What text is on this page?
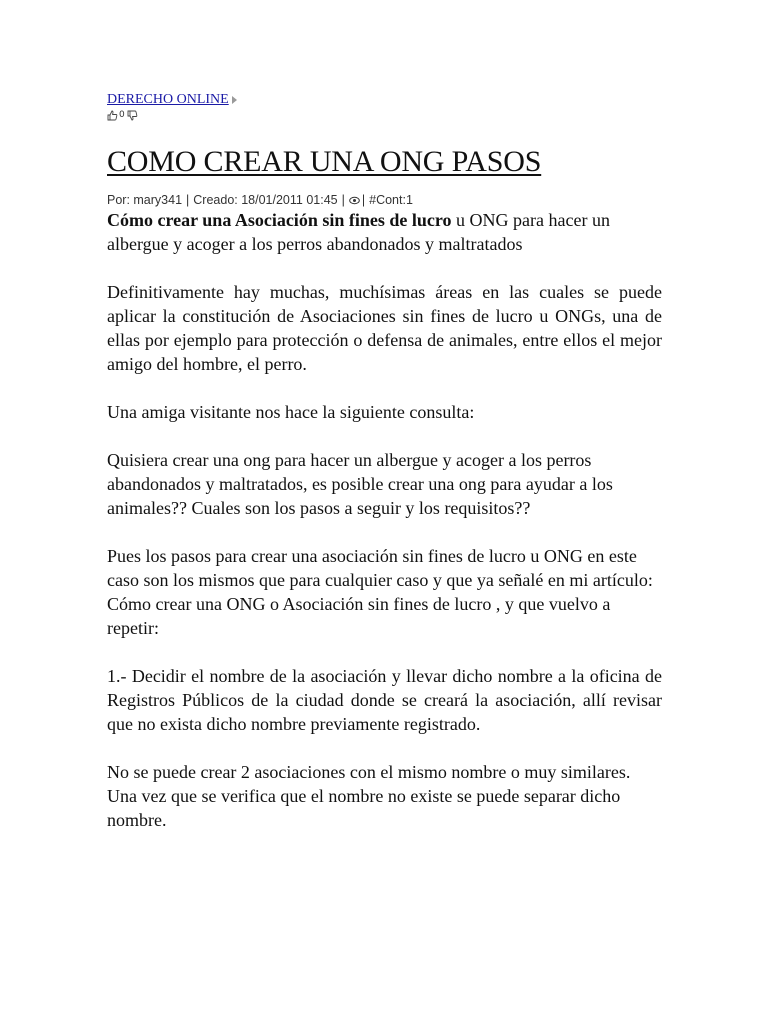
DERECHO ONLINE
0
COMO CREAR UNA ONG PASOS
Por: mary341 | Creado: 18/01/2011 01:45 | | #Cont:1

Cómo crear una Asociación sin fines de lucro u ONG para hacer un albergue y acoger a los perros abandonados y maltratados

Definitivamente hay muchas, muchísimas áreas en las cuales se puede aplicar la constitución de Asociaciones sin fines de lucro u ONGs, una de ellas por ejemplo para protección o defensa de animales, entre ellos el mejor amigo del hombre, el perro.

Una amiga visitante nos hace la siguiente consulta:

Quisiera crear una ong para hacer un albergue y acoger a los perros abandonados y maltratados, es posible crear una ong para ayudar a los animales?? Cuales son los pasos a seguir y los requisitos??

Pues los pasos para crear una asociación sin fines de lucro u ONG en este caso son los mismos que para cualquier caso y que ya señalé en mi artículo: Cómo crear una ONG o Asociación sin fines de lucro , y que vuelvo a repetir:

1.- Decidir el nombre de la asociación y llevar dicho nombre a la oficina de Registros Públicos de la ciudad donde se creará la asociación, allí revisar que no exista dicho nombre previamente registrado.

No se puede crear 2 asociaciones con el mismo nombre o muy similares. Una vez que se verifica que el nombre no existe se puede separar dicho nombre.
